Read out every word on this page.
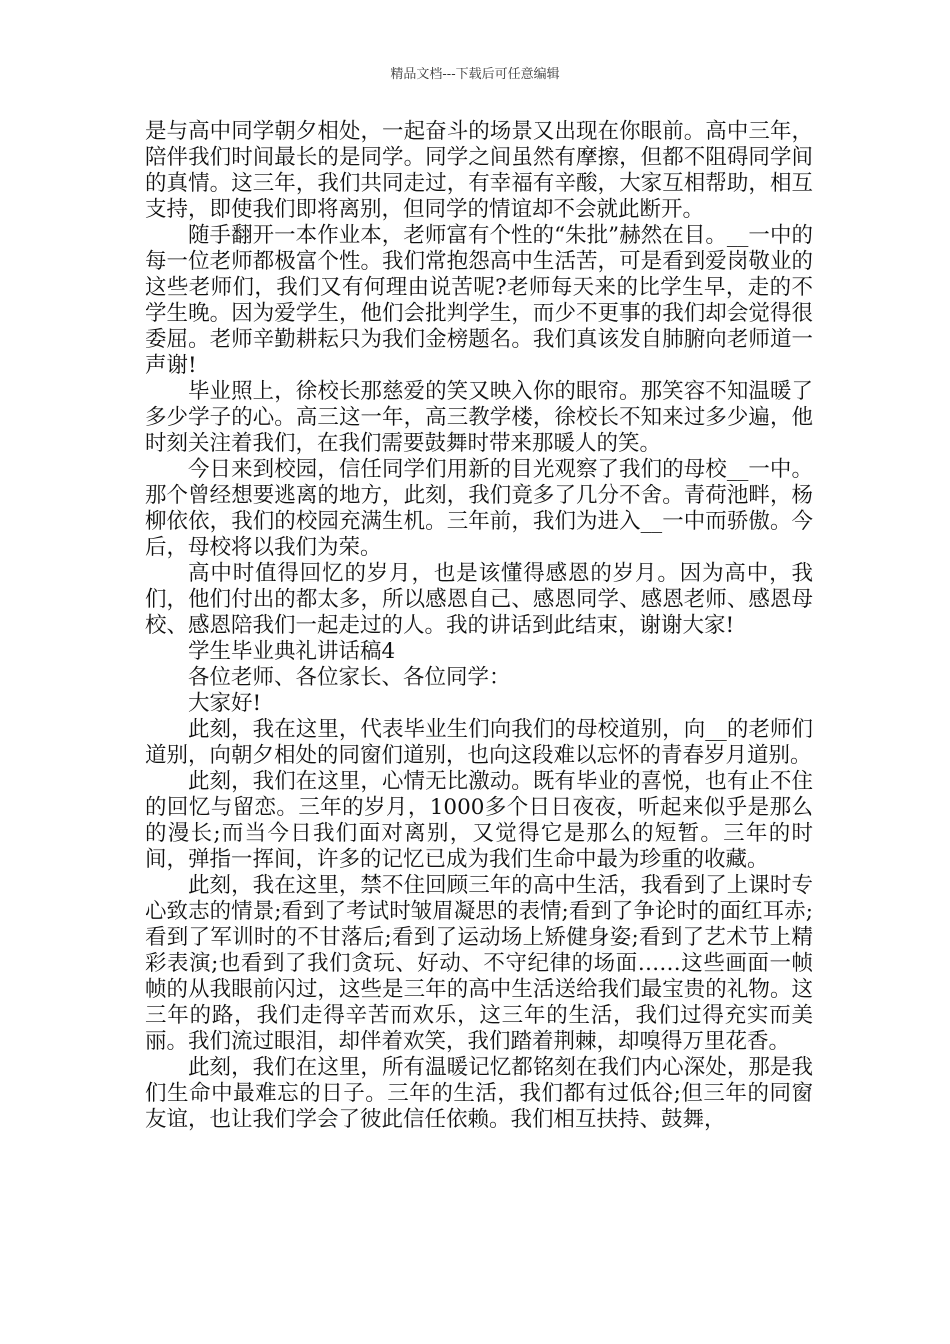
精品文档---下载后可任意编辑

是与高中同学朝夕相处，一起奋斗的场景又出现在你眼前。高中三年，陪伴我们时间最长的是同学。同学之间虽然有摩擦，但都不阻碍同学间的真情。这三年，我们共同走过，有幸福有辛酸，大家互相帮助，相互支持，即使我们即将离别，但同学的情谊却不会就此断开。

随手翻开一本作业本，老师富有个性的“朱批”赫然在目。__一中的每一位老师都极富个性。我们常抱怨高中生活苦，可是看到爱岗敬业的这些老师们，我们又有何理由说苦呢?老师每天来的比学生早，走的不学生晚。因为爱学生，他们会批判学生，而少不更事的我们却会觉得很委屈。老师辛勤耕耘只为我们金榜题名。我们真该发自肺腑向老师道一声谢!

毕业照上，徐校长那慈爱的笑又映入你的眼帘。那笑容不知温暖了多少学子的心。高三这一年，高三教学楼，徐校长不知来过多少遍，他时刻关注着我们，在我们需要鼓舞时带来那暖人的笑。

今日来到校园，信任同学们用新的目光观察了我们的母校__一中。那个曾经想要逃离的地方，此刻，我们竟多了几分不舍。青荷池畔，杨柳依依，我们的校园充满生机。三年前，我们为进入__一中而骄傲。今后，母校将以我们为荣。

高中时值得回忆的岁月，也是该懂得感恩的岁月。因为高中，我们，他们付出的都太多，所以感恩自己、感恩同学、感恩老师、感恩母校、感恩陪我们一起走过的人。我的讲话到此结束，谢谢大家!

学生毕业典礼讲话稿4

各位老师、各位家长、各位同学：

大家好!

此刻，我在这里，代表毕业生们向我们的母校道别，向__的老师们道别，向朝夕相处的同窗们道别，也向这段难以忘怀的青春岁月道别。

此刻，我们在这里，心情无比激动。既有毕业的喜悦，也有止不住的回忆与留恋。三年的岁月，1000多个日日夜夜，听起来似乎是那么的漫长;而当今日我们面对离别，又觉得它是那么的短暂。三年的时间，弹指一挥间，许多的记忆已成为我们生命中最为珍重的收藏。

此刻，我在这里，禁不住回顾三年的高中生活，我看到了上课时专心致志的情景;看到了考试时皱眉凝思的表情;看到了争论时的面红耳赤;看到了军训时的不甘落后;看到了运动场上矫健身姿;看到了艺术节上精彩表演;也看到了我们贪玩、好动、不守纪律的场面……这些画面一帧帧的从我眼前闪过，这些是三年的高中生活送给我们最宝贵的礼物。这三年的路，我们走得辛苦而欢乐，这三年的生活，我们过得充实而美丽。我们流过眼泪，却伴着欢笑，我们踏着荆棘，却嗅得万里花香。

此刻，我们在这里，所有温暖记忆都铭刻在我们内心深处，那是我们生命中最难忘的日子。三年的生活，我们都有过低谷;但三年的同窗友谊，也让我们学会了彼此信任依赖。我们相互扶持、鼓舞，
